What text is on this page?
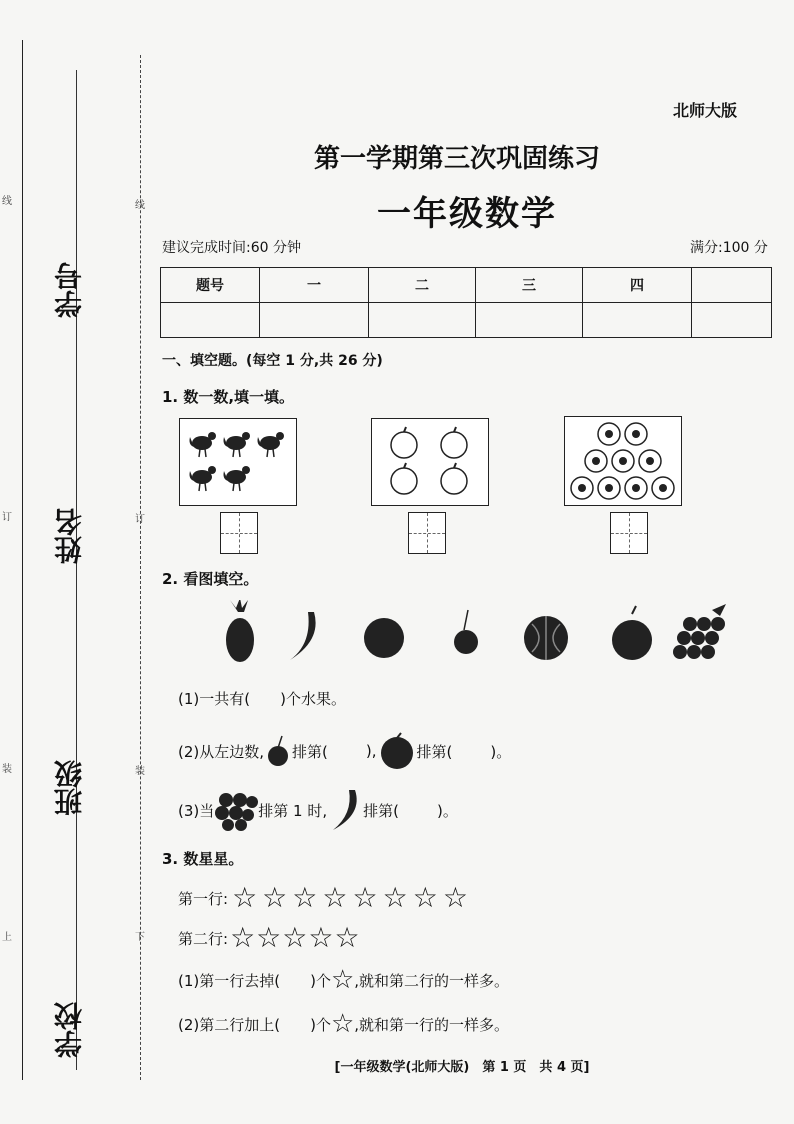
学号
姓名
班级
学校
线
订
装
上
线
订
装
下
北师大版
第一学期第三次巩固练习
一年级数学
建议完成时间:60 分钟	满分:100 分
题号	一	二	三	四	

一、填空题。(每空 1 分,共 26 分)
1. 数一数,填一填。
2. 看图填空。
(1)一共有( )个水果。
(2)从左边数, 排第(	),	排第(	)。
(3)当	排第 1 时, 排第(	)。
3. 数星星。
第一行: ☆☆☆☆☆☆☆☆
第二行: ☆☆☆☆☆
(1)第一行去掉( )个 ☆ ,就和第二行的一样多。
(2)第二行加上( )个 ☆ ,就和第一行的一样多。
[一年级数学(北师大版)　第 1 页　共 4 页]
